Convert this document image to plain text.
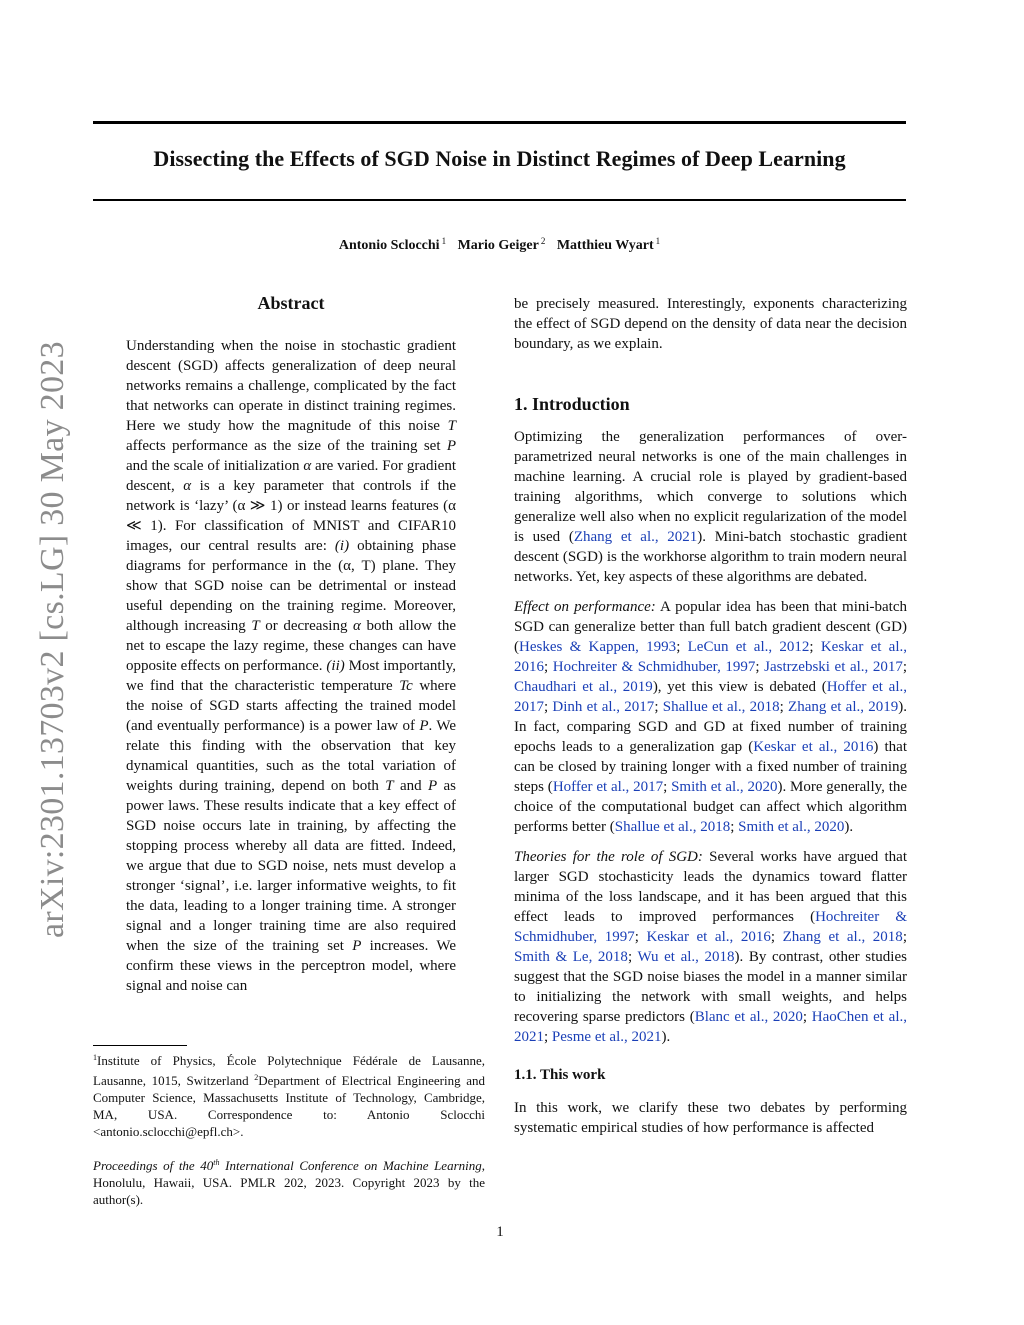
arXiv:2301.13703v2 [cs.LG] 30 May 2023
Dissecting the Effects of SGD Noise in Distinct Regimes of Deep Learning
Antonio Sclocchi $^1$ Mario Geiger $^2$ Matthieu Wyart $^1$
Abstract

Understanding when the noise in stochastic gradient descent (SGD) affects generalization of deep neural networks remains a challenge, complicated by the fact that networks can operate in distinct training regimes. Here we study how the magnitude of this noise T affects performance as the size of the training set P and the scale of initialization α are varied. For gradient descent, α is a key parameter that controls if the network is ‘lazy’ (α ≫ 1) or instead learns features (α ≪ 1). For classification of MNIST and CIFAR10 images, our central results are: (i) obtaining phase diagrams for performance in the (α, T) plane. They show that SGD noise can be detrimental or instead useful depending on the training regime. Moreover, although increasing T or decreasing α both allow the net to escape the lazy regime, these changes can have opposite effects on performance. (ii) Most importantly, we find that the characteristic temperature Tc where the noise of SGD starts affecting the trained model (and eventually performance) is a power law of P. We relate this finding with the observation that key dynamical quantities, such as the total variation of weights during training, depend on both T and P as power laws. These results indicate that a key effect of SGD noise occurs late in training, by affecting the stopping process whereby all data are fitted. Indeed, we argue that due to SGD noise, nets must develop a stronger ‘signal’, i.e. larger informative weights, to fit the data, leading to a longer training time. A stronger signal and a longer training time are also required when the size of the training set P increases. We confirm these views in the perceptron model, where signal and noise can

$^1$Institute of Physics, École Polytechnique Fédérale de Lausanne, Lausanne, 1015, Switzerland $^2$Department of Electrical Engineering and Computer Science, Massachusetts Institute of Technology, Cambridge, MA, USA. Correspondence to: Antonio Sclocchi <antonio.sclocchi@epfl.ch>.

Proceedings of the 40th International Conference on Machine Learning, Honolulu, Hawaii, USA. PMLR 202, 2023. Copyright 2023 by the author(s).

be precisely measured. Interestingly, exponents characterizing the effect of SGD depend on the density of data near the decision boundary, as we explain.

1. Introduction

Optimizing the generalization performances of over-parametrized neural networks is one of the main challenges in machine learning. A crucial role is played by gradient-based training algorithms, which converge to solutions which generalize well also when no explicit regularization of the model is used (Zhang et al., 2021). Mini-batch stochastic gradient descent (SGD) is the workhorse algorithm to train modern neural networks. Yet, key aspects of these algorithms are debated.

Effect on performance: A popular idea has been that mini-batch SGD can generalize better than full batch gradient descent (GD) (Heskes & Kappen, 1993; LeCun et al., 2012; Keskar et al., 2016; Hochreiter & Schmidhuber, 1997; Jastrzebski et al., 2017; Chaudhari et al., 2019), yet this view is debated (Hoffer et al., 2017; Dinh et al., 2017; Shallue et al., 2018; Zhang et al., 2019). In fact, comparing SGD and GD at fixed number of training epochs leads to a generalization gap (Keskar et al., 2016) that can be closed by training longer with a fixed number of training steps (Hoffer et al., 2017; Smith et al., 2020). More generally, the choice of the computational budget can affect which algorithm performs better (Shallue et al., 2018; Smith et al., 2020).

Theories for the role of SGD: Several works have argued that larger SGD stochasticity leads the dynamics toward flatter minima of the loss landscape, and it has been argued that this effect leads to improved performances (Hochreiter & Schmidhuber, 1997; Keskar et al., 2016; Zhang et al., 2018; Smith & Le, 2018; Wu et al., 2018). By contrast, other studies suggest that the SGD noise biases the model in a manner similar to initializing the network with small weights, and helps recovering sparse predictors (Blanc et al., 2020; HaoChen et al., 2021; Pesme et al., 2021).

1.1. This work

In this work, we clarify these two debates by performing systematic empirical studies of how performance is affected

1
